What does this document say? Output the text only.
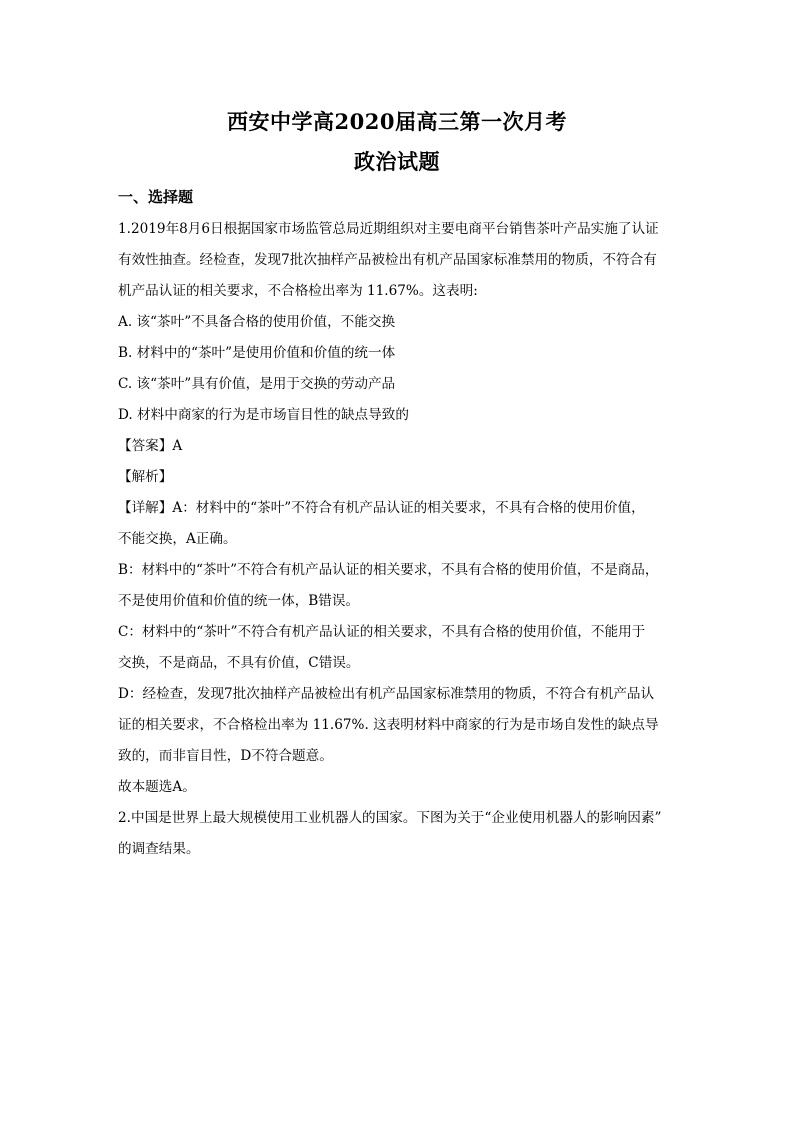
西安中学高2020届高三第一次月考
政治试题
一、选择题
1.2019年8月6日根据国家市场监管总局近期组织对主要电商平台销售茶叶产品实施了认证
有效性抽查。经检查，发现7批次抽样产品被检出有机产品国家标准禁用的物质，不符合有
机产品认证的相关要求，不合格检出率为 11.67%。这表明:
A. 该“茶叶”不具备合格的使用价值，不能交换
B. 材料中的“茶叶”是使用价值和价值的统一体
C. 该“茶叶”具有价值，是用于交换的劳动产品
D. 材料中商家的行为是市场盲目性的缺点导致的
【答案】A
【解析】
【详解】A：材料中的“茶叶”不符合有机产品认证的相关要求，不具有合格的使用价值，
不能交换，A正确。
B：材料中的“茶叶”不符合有机产品认证的相关要求，不具有合格的使用价值，不是商品，
不是使用价值和价值的统一体，B错误。
C：材料中的“茶叶”不符合有机产品认证的相关要求，不具有合格的使用价值，不能用于
交换，不是商品，不具有价值，C错误。
D：经检查，发现7批次抽样产品被检出有机产品国家标准禁用的物质，不符合有机产品认
证的相关要求，不合格检出率为 11.67%. 这表明材料中商家的行为是市场自发性的缺点导
致的，而非盲目性，D不符合题意。
故本题选A。
2.中国是世界上最大规模使用工业机器人的国家。下图为关于“企业使用机器人的影响因素”
的调查结果。
